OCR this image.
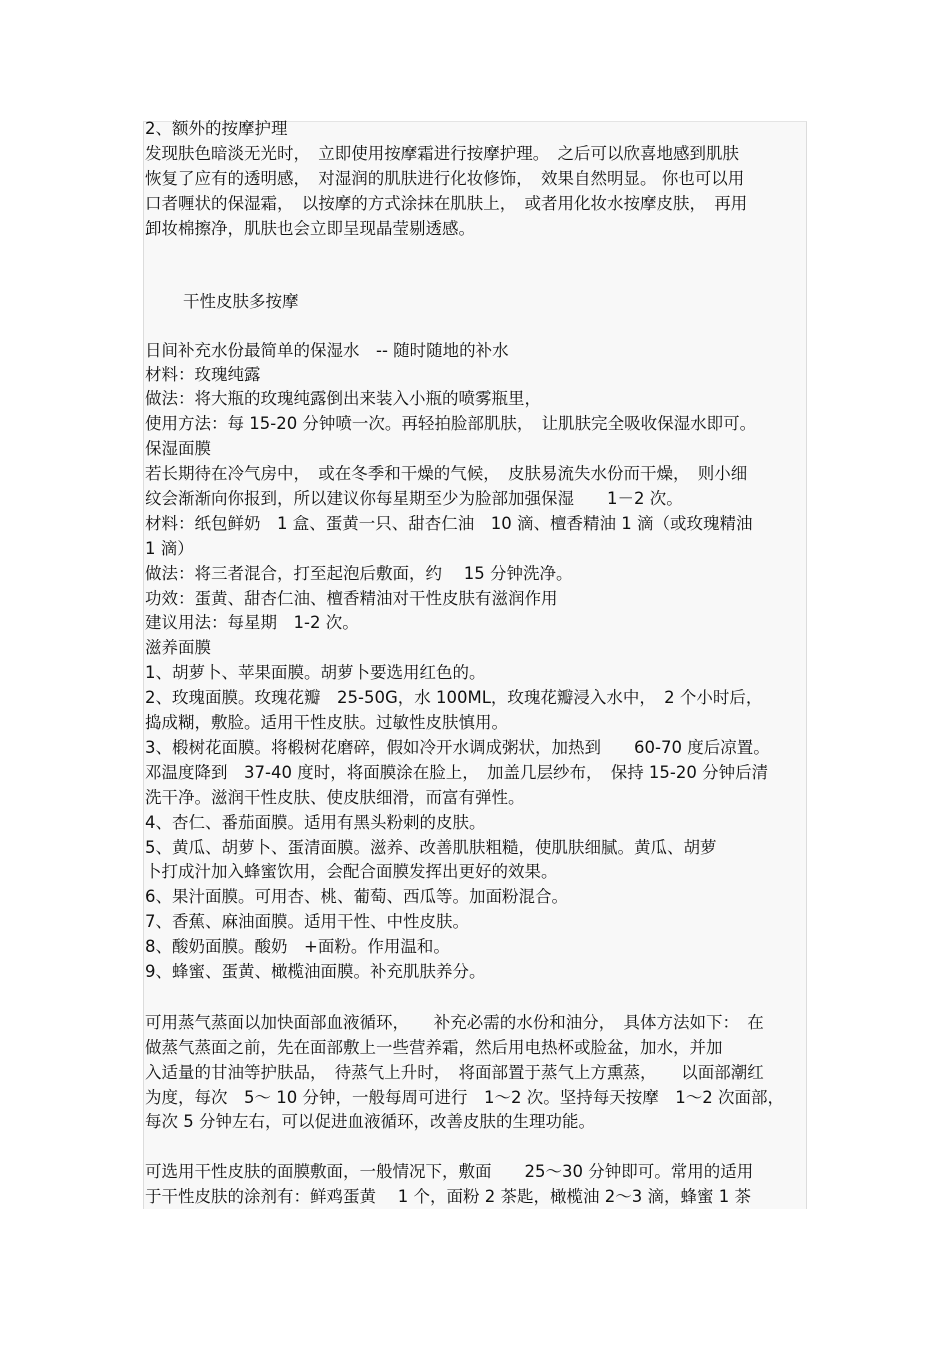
2、额外的按摩护理
发现肤色暗淡无光时，　立即使用按摩霜进行按摩护理。　之后可以欣喜地感到肌肤
恢复了应有的透明感，　对湿润的肌肤进行化妆修饰，　效果自然明显。 你也可以用
口者喱状的保湿霜，　以按摩的方式涂抹在肌肤上，　或者用化妆水按摩皮肤，　再用
卸妆棉擦净，肌肤也会立即呈现晶莹剔透感。
干性皮肤多按摩
日间补充水份最简单的保湿水　-- 随时随地的补水
材料：玫瑰纯露
做法：将大瓶的玫瑰纯露倒出来装入小瓶的喷雾瓶里，
使用方法：每 15-20 分钟喷一次。再轻拍脸部肌肤，　让肌肤完全吸收保湿水即可。
保湿面膜
若长期待在冷气房中，　或在冬季和干燥的气候，　皮肤易流失水份而干燥，　则小细
纹会渐渐向你报到，所以建议你每星期至少为脸部加强保湿　　1－2 次。
材料：纸包鲜奶　1 盒、蛋黄一只、甜杏仁油　10 滴、檀香精油 1 滴（或玫瑰精油
1 滴）
做法：将三者混合，打至起泡后敷面，约　 15 分钟洗净。
功效：蛋黄、甜杏仁油、檀香精油对干性皮肤有滋润作用
建议用法：每星期　1-2 次。
滋养面膜
1、胡萝卜、苹果面膜。胡萝卜要选用红色的。
2、玫瑰面膜。玫瑰花瓣　25-50G，水 100ML，玫瑰花瓣浸入水中，　2 个小时后，
捣成糊，敷脸。适用干性皮肤。过敏性皮肤慎用。
3、椴树花面膜。将椴树花磨碎，假如冷开水调成粥状，加热到　　60-70 度后凉置。
邓温度降到　37-40 度时，将面膜涂在脸上，　加盖几层纱布，　保持 15-20 分钟后清
洗干净。滋润干性皮肤、使皮肤细滑，而富有弹性。
4、杏仁、番茄面膜。适用有黑头粉刺的皮肤。
5、黄瓜、胡萝卜、蛋清面膜。滋养、改善肌肤粗糙，使肌肤细腻。黄瓜、胡萝
卜打成汁加入蜂蜜饮用，会配合面膜发挥出更好的效果。
6、果汁面膜。可用杏、桃、葡萄、西瓜等。加面粉混合。
7、香蕉、麻油面膜。适用干性、中性皮肤。
8、酸奶面膜。酸奶　+面粉。作用温和。
9、蜂蜜、蛋黄、橄榄油面膜。补充肌肤养分。
可用蒸气蒸面以加快面部血液循环，　　补充必需的水份和油分，　具体方法如下：　在
做蒸气蒸面之前，先在面部敷上一些营养霜，然后用电热杯或脸盆，加水，并加
入适量的甘油等护肤品，　待蒸气上升时，　将面部置于蒸气上方熏蒸，　　以面部潮红
为度，每次　5～ 10 分钟，一般每周可进行　1～2 次。坚持每天按摩　1～2 次面部，
每次 5 分钟左右，可以促进血液循环，改善皮肤的生理功能。
可选用干性皮肤的面膜敷面，一般情况下，敷面　　25～30 分钟即可。常用的适用
于干性皮肤的涂剂有：鲜鸡蛋黄　 1 个，面粉 2 茶匙，橄榄油 2～3 滴，蜂蜜 1 茶
